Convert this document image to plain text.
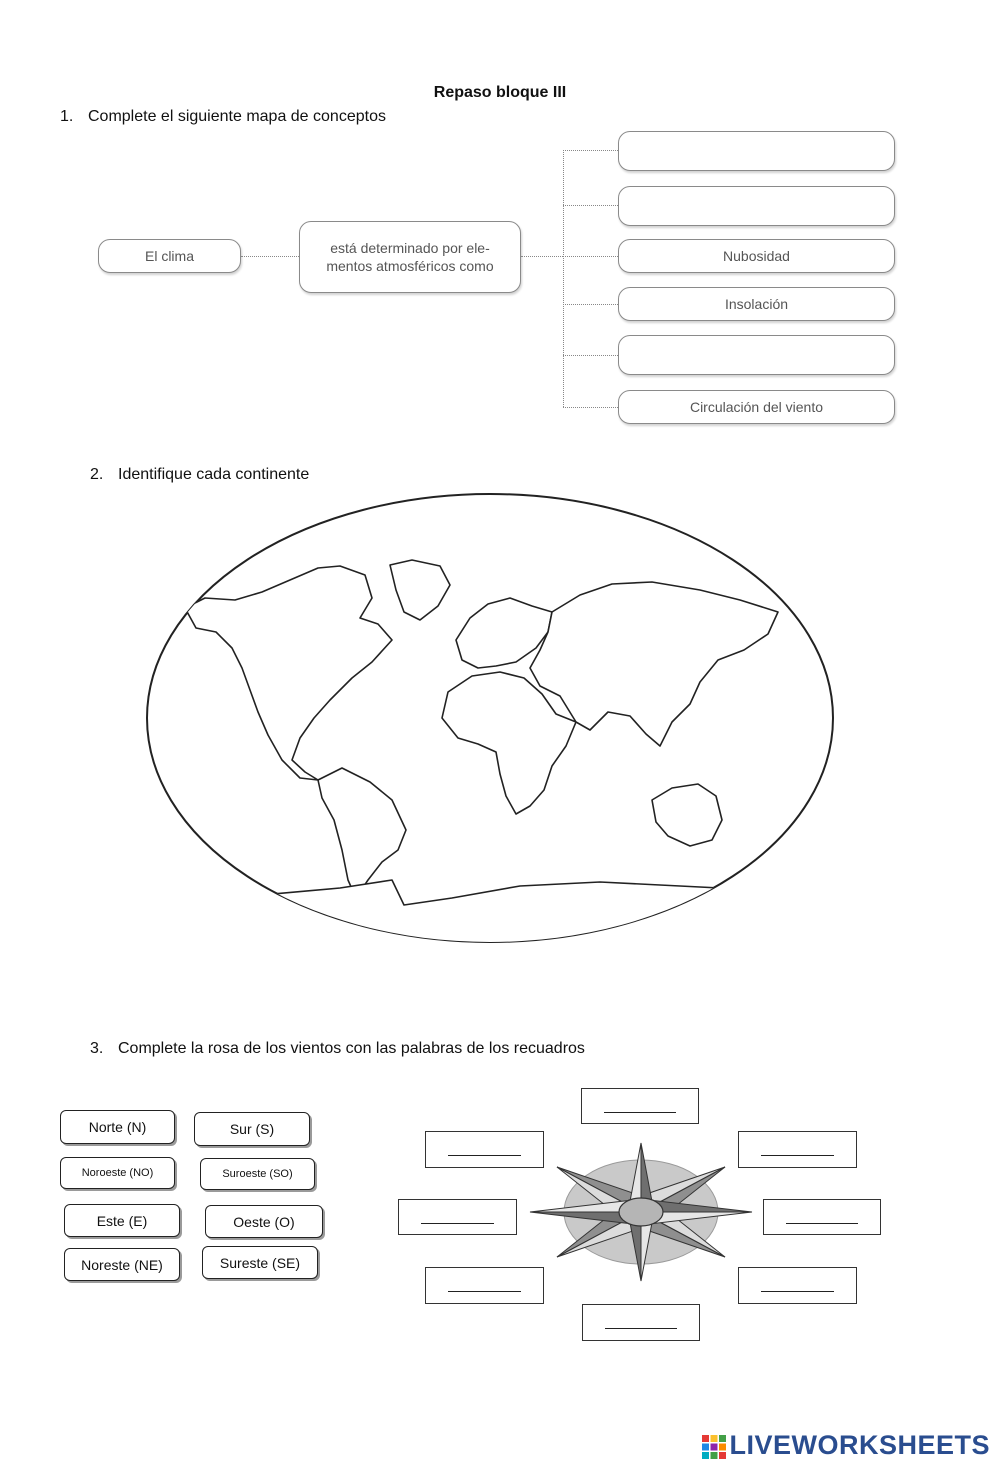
Repaso bloque III
1. Complete el siguiente mapa de conceptos
El clima
está determinado por ele-
mentos atmosféricos como
Nubosidad
Insolación
Circulación del viento
2. Identifique cada continente
3. Complete la rosa de los vientos con las palabras de los recuadros
Norte (N)	Sur (S)
Noroeste (NO)	Suroeste (SO)
Este (E)	Oeste (O)
Noreste (NE)	Sureste (SE)
LIVEWORKSHEETS
